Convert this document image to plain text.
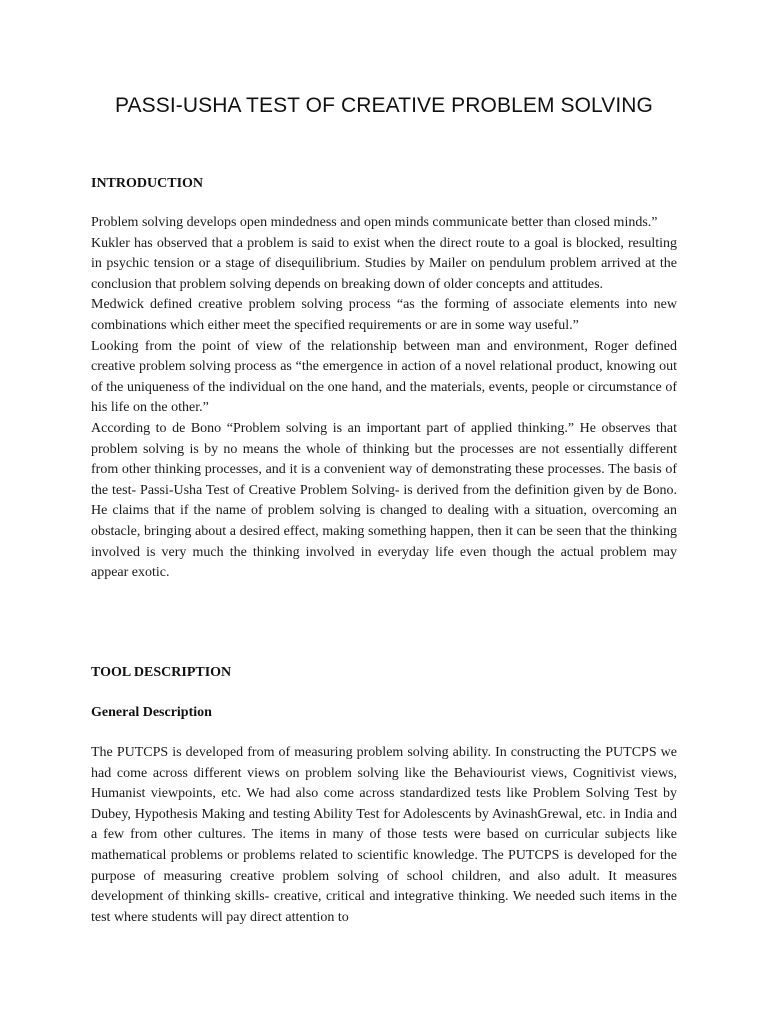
PASSI-USHA TEST OF CREATIVE PROBLEM SOLVING
INTRODUCTION

Problem solving develops open mindedness and open minds communicate better than closed minds.”

Kukler has observed that a problem is said to exist when the direct route to a goal is blocked, resulting in psychic tension or a stage of disequilibrium. Studies by Mailer on pendulum problem arrived at the conclusion that problem solving depends on breaking down of older concepts and attitudes.

Medwick defined creative problem solving process “as the forming of associate elements into new combinations which either meet the specified requirements or are in some way useful.”

Looking from the point of view of the relationship between man and environment, Roger defined creative problem solving process as “the emergence in action of a novel relational product, knowing out of the uniqueness of the individual on the one hand, and the materials, events, people or circumstance of his life on the other.”

According to de Bono “Problem solving is an important part of applied thinking.” He observes that problem solving is by no means the whole of thinking but the processes are not essentially different from other thinking processes, and it is a convenient way of demonstrating these processes. The basis of the test- Passi-Usha Test of Creative Problem Solving- is derived from the definition given by de Bono. He claims that if the name of problem solving is changed to dealing with a situation, overcoming an obstacle, bringing about a desired effect, making something happen, then it can be seen that the thinking involved is very much the thinking involved in everyday life even though the actual problem may appear exotic.

TOOL DESCRIPTION
General Description

The PUTCPS is developed from of measuring problem solving ability. In constructing the PUTCPS we had come across different views on problem solving like the Behaviourist views, Cognitivist views, Humanist viewpoints, etc. We had also come across standardized tests like Problem Solving Test by Dubey, Hypothesis Making and testing Ability Test for Adolescents by AvinashGrewal, etc. in India and a few from other cultures. The items in many of those tests were based on curricular subjects like mathematical problems or problems related to scientific knowledge. The PUTCPS is developed for the purpose of measuring creative problem solving of school children, and also adult. It measures development of thinking skills- creative, critical and integrative thinking. We needed such items in the test where students will pay direct attention to
